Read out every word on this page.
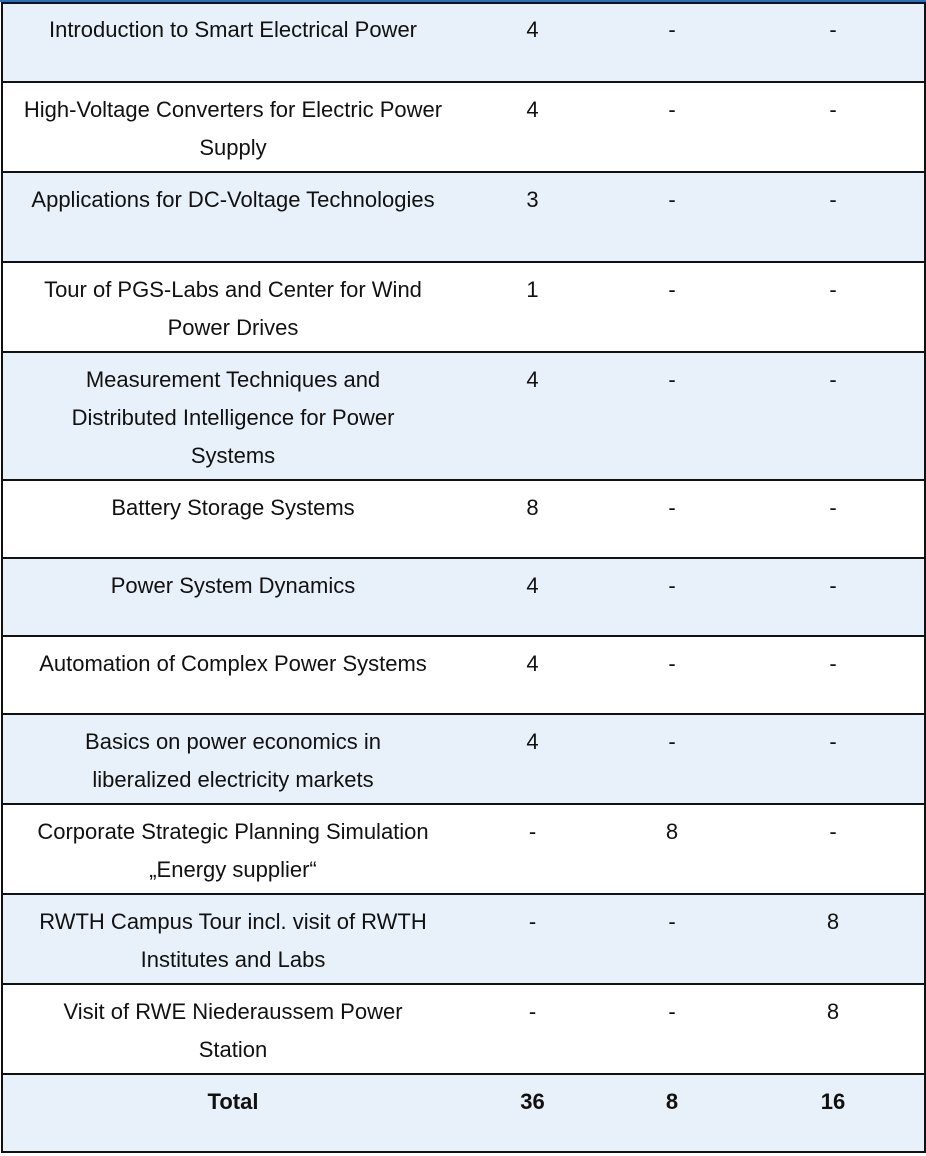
Introduction to Smart Electrical Power	4	-	-
High-Voltage Converters for Electric Power Supply	4	-	-
Applications for DC-Voltage Technologies	3	-	-
Tour of PGS-Labs and Center for Wind Power Drives	1	-	-
Measurement Techniques and Distributed Intelligence for Power Systems	4	-	-
Battery Storage Systems	8	-	-
Power System Dynamics	4	-	-
Automation of Complex Power Systems	4	-	-
Basics on power economics in liberalized electricity markets	4	-	-
Corporate Strategic Planning Simulation „Energy supplier“	-	8	-
RWTH Campus Tour incl. visit of RWTH Institutes and Labs	-	-	8
Visit of RWE Niederaussem Power Station	-	-	8
Total	36	8	16
